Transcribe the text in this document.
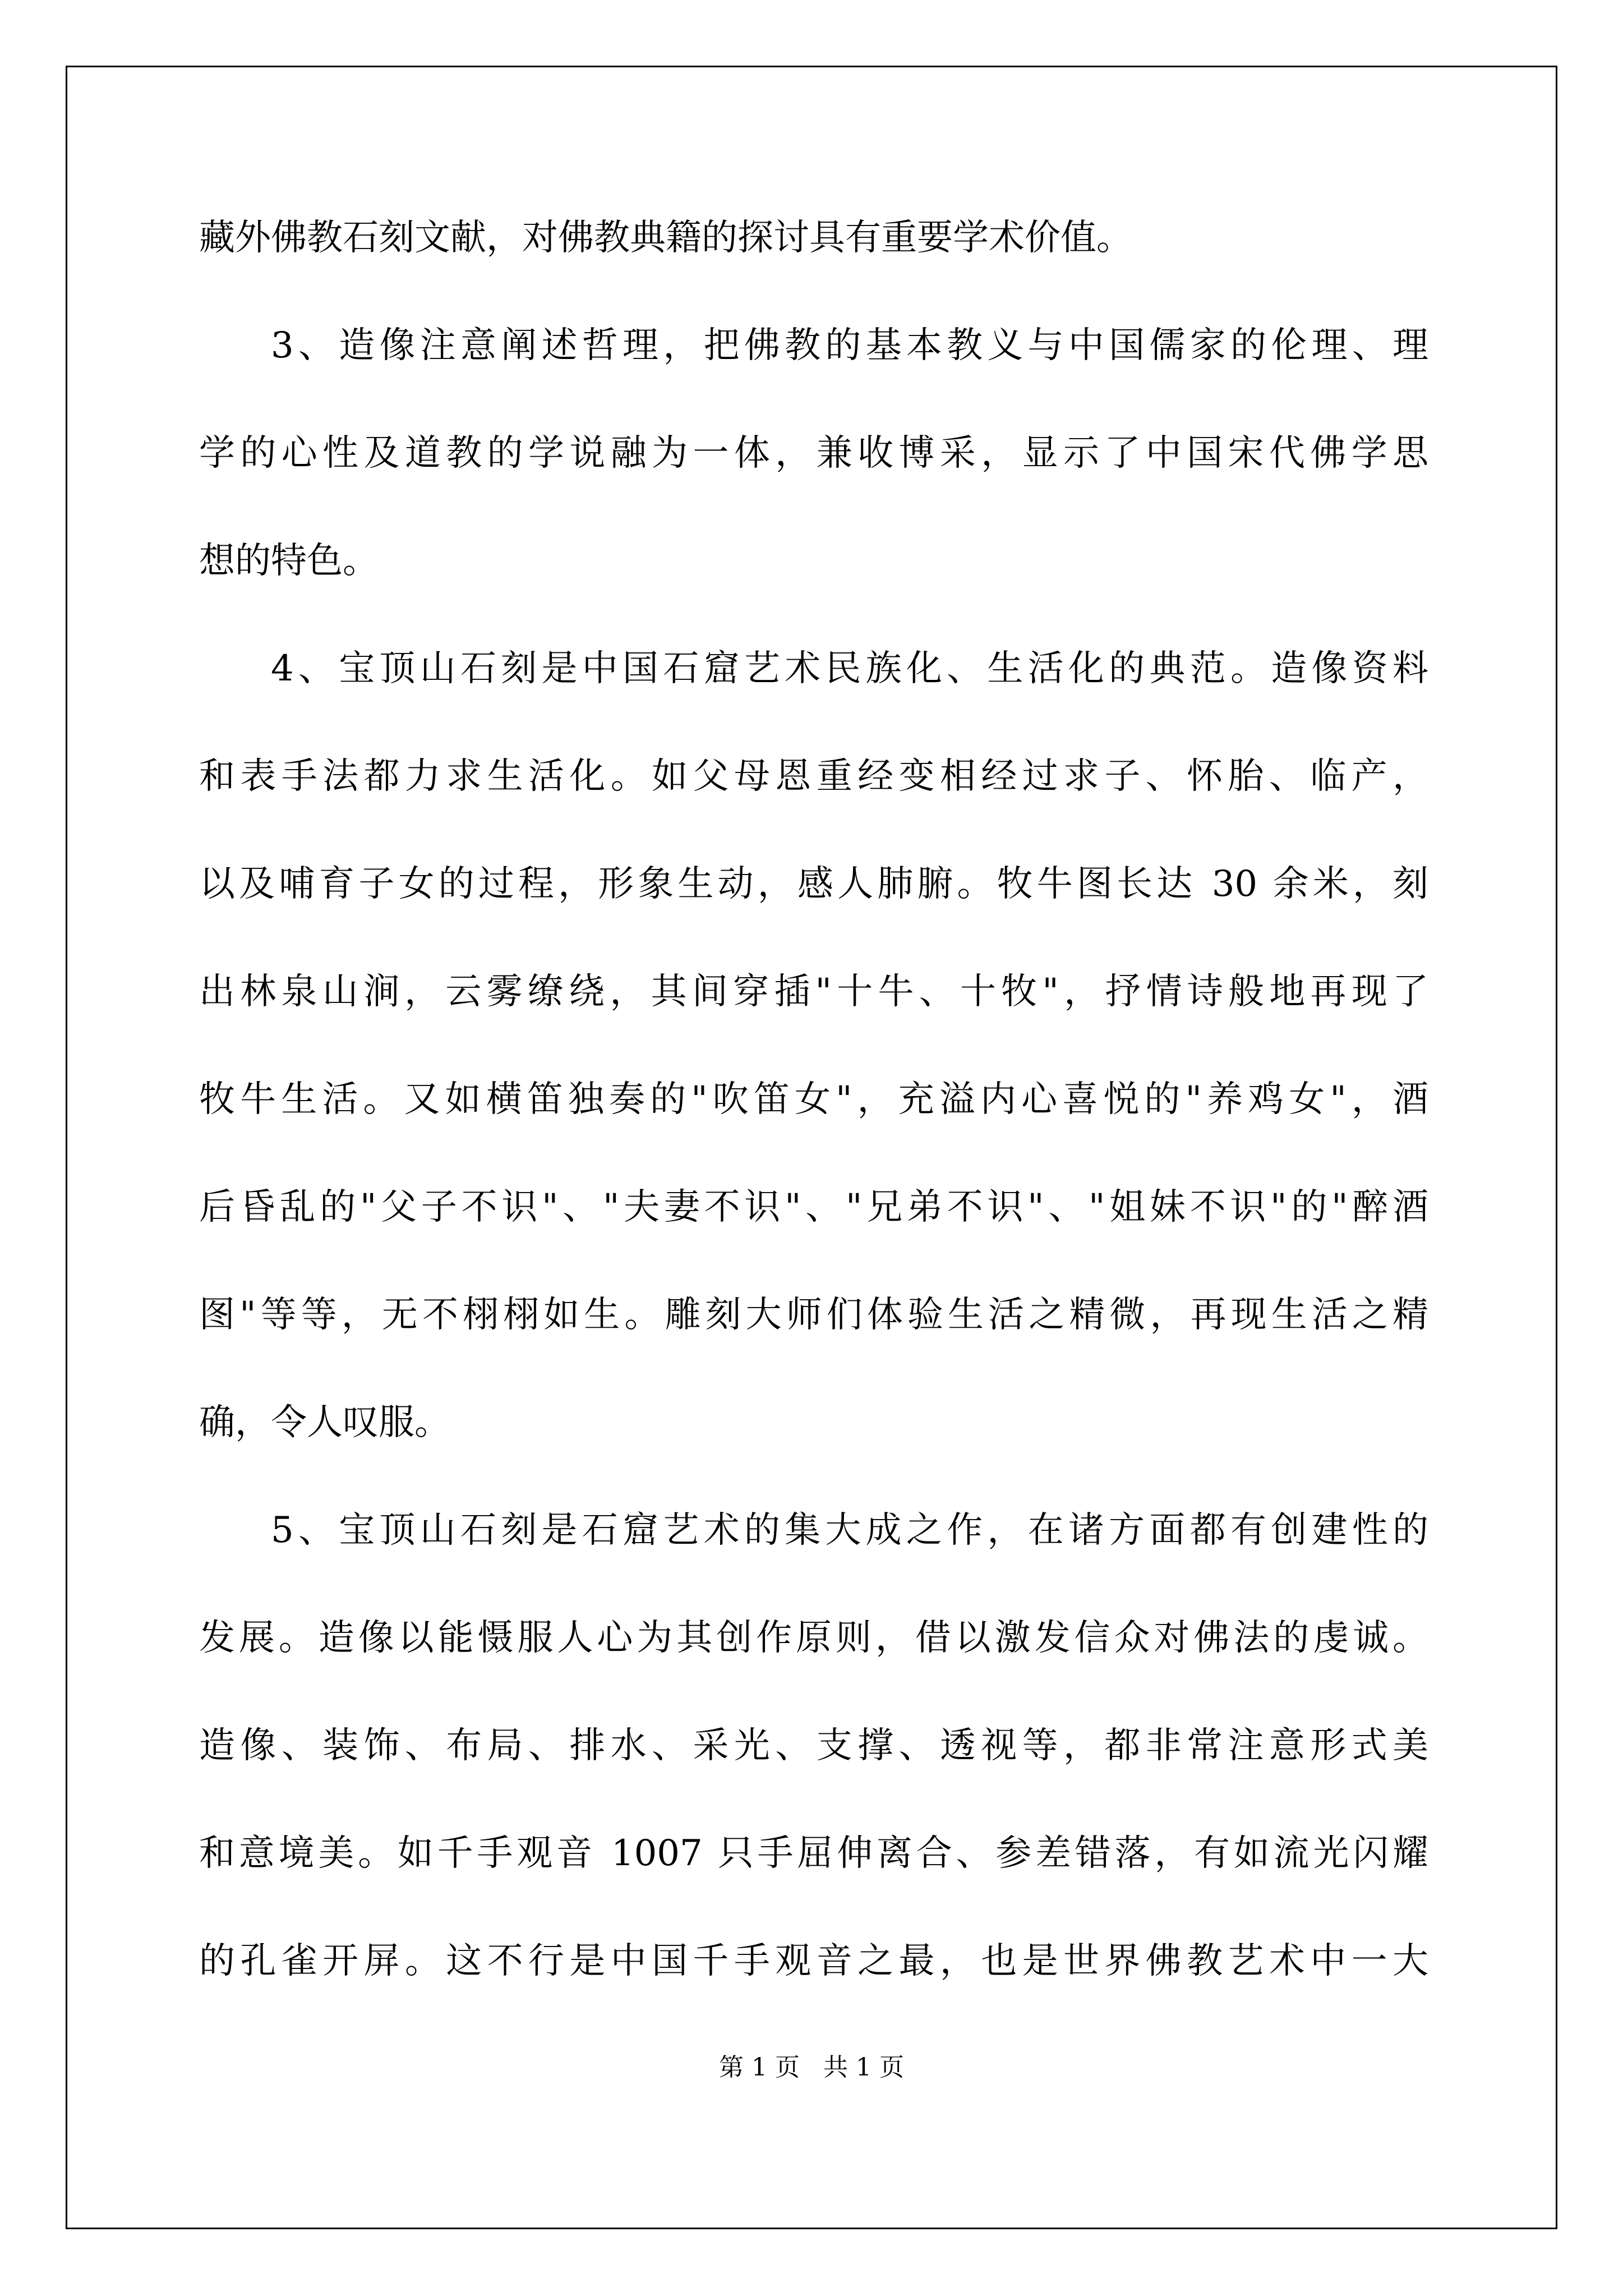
藏外佛教石刻文献，对佛教典籍的探讨具有重要学术价值。
3、造像注意阐述哲理，把佛教的基本教义与中国儒家的伦理、理
学的心性及道教的学说融为一体，兼收博采，显示了中国宋代佛学思
想的特色。
4、宝顶山石刻是中国石窟艺术民族化、生活化的典范。造像资料
和表手法都力求生活化。如父母恩重经变相经过求子、怀胎、临产，
以及哺育子女的过程，形象生动，感人肺腑。牧牛图长达 30 余米，刻
出林泉山涧，云雾缭绕，其间穿插"十牛、十牧"，抒情诗般地再现了
牧牛生活。又如横笛独奏的"吹笛女"，充溢内心喜悦的"养鸡女"，酒
后昏乱的"父子不识"、"夫妻不识"、"兄弟不识"、"姐妹不识"的"醉酒
图"等等，无不栩栩如生。雕刻大师们体验生活之精微，再现生活之精
确，令人叹服。
5、宝顶山石刻是石窟艺术的集大成之作，在诸方面都有创建性的
发展。造像以能慑服人心为其创作原则，借以激发信众对佛法的虔诚。
造像、装饰、布局、排水、采光、支撑、透视等，都非常注意形式美
和意境美。如千手观音 1007 只手屈伸离合、参差错落，有如流光闪耀
的孔雀开屏。这不行是中国千手观音之最，也是世界佛教艺术中一大
第 1 页 共 1 页
